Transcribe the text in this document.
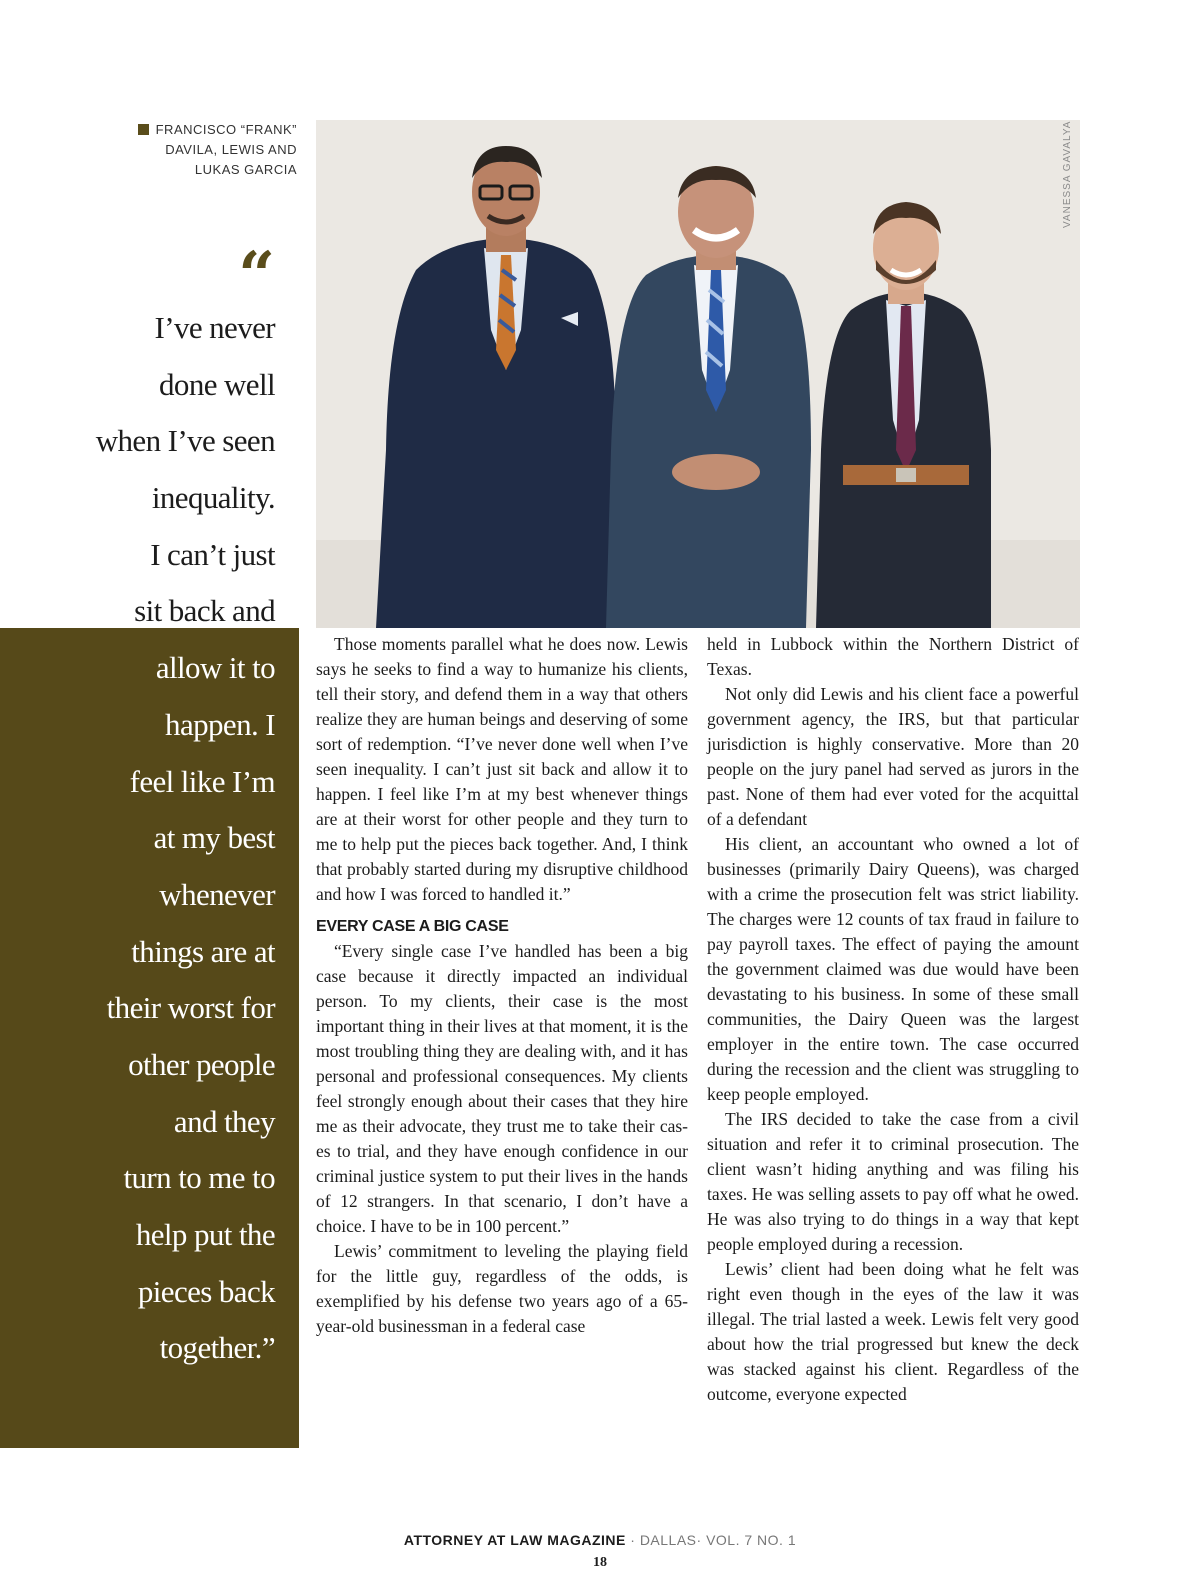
FRANCISCO “FRANK”
DAVILA, LEWIS AND
LUKAS GARCIA
“
I’ve never
done well
when I’ve seen
inequality.
I can’t just
sit back and
allow it to
happen. I
feel like I’m
at my best
whenever
things are at
their worst for
other people
and they
turn to me to
help put the
pieces back
together.”
VANESSA GAVALYA

Those moments parallel what he does now. Lewis says he seeks to find a way to humanize his clients, tell their story, and defend them in a way that others realize they are human beings and deserving of some sort of redemption. “I’ve never done well when I’ve seen inequality. I can’t just sit back and allow it to happen. I feel like I’m at my best whenever things are at their worst for other people and they turn to me to help put the pieces back together. And, I think that probably started during my disruptive childhood and how I was forced to handled it.”

EVERY CASE A BIG CASE

“Every single case I’ve handled has been a big case because it directly impacted an individual person. To my clients, their case is the most important thing in their lives at that moment, it is the most troubling thing they are dealing with, and it has personal and professional consequences. My clients feel strongly enough about their cases that they hire me as their advocate, they trust me to take their cases to trial, and they have enough confidence in our criminal justice system to put their lives in the hands of 12 strangers. In that scenario, I don’t have a choice. I have to be in 100 percent.”

Lewis’ commitment to leveling the playing field for the little guy, regardless of the odds, is exemplified by his defense two years ago of a 65-year-old businessman in a federal case

held in Lubbock within the Northern District of Texas.

Not only did Lewis and his client face a powerful government agency, the IRS, but that particular jurisdiction is highly conservative. More than 20 people on the jury panel had served as jurors in the past. None of them had ever voted for the acquittal of a defendant

His client, an accountant who owned a lot of businesses (primarily Dairy Queens), was charged with a crime the prosecution felt was strict liability. The charges were 12 counts of tax fraud in failure to pay payroll taxes. The effect of paying the amount the government claimed was due would have been devastating to his business. In some of these small communities, the Dairy Queen was the largest employer in the entire town. The case occurred during the recession and the client was struggling to keep people employed.

The IRS decided to take the case from a civil situation and refer it to criminal prosecution. The client wasn’t hiding anything and was filing his taxes. He was selling assets to pay off what he owed. He was also trying to do things in a way that kept people employed during a recession.

Lewis’ client had been doing what he felt was right even though in the eyes of the law it was illegal. The trial lasted a week. Lewis felt very good about how the trial progressed but knew the deck was stacked against his client. Regardless of the outcome, everyone expected

ATTORNEY AT LAW MAGAZINE · DALLAS· VOL. 7 NO. 1
18
